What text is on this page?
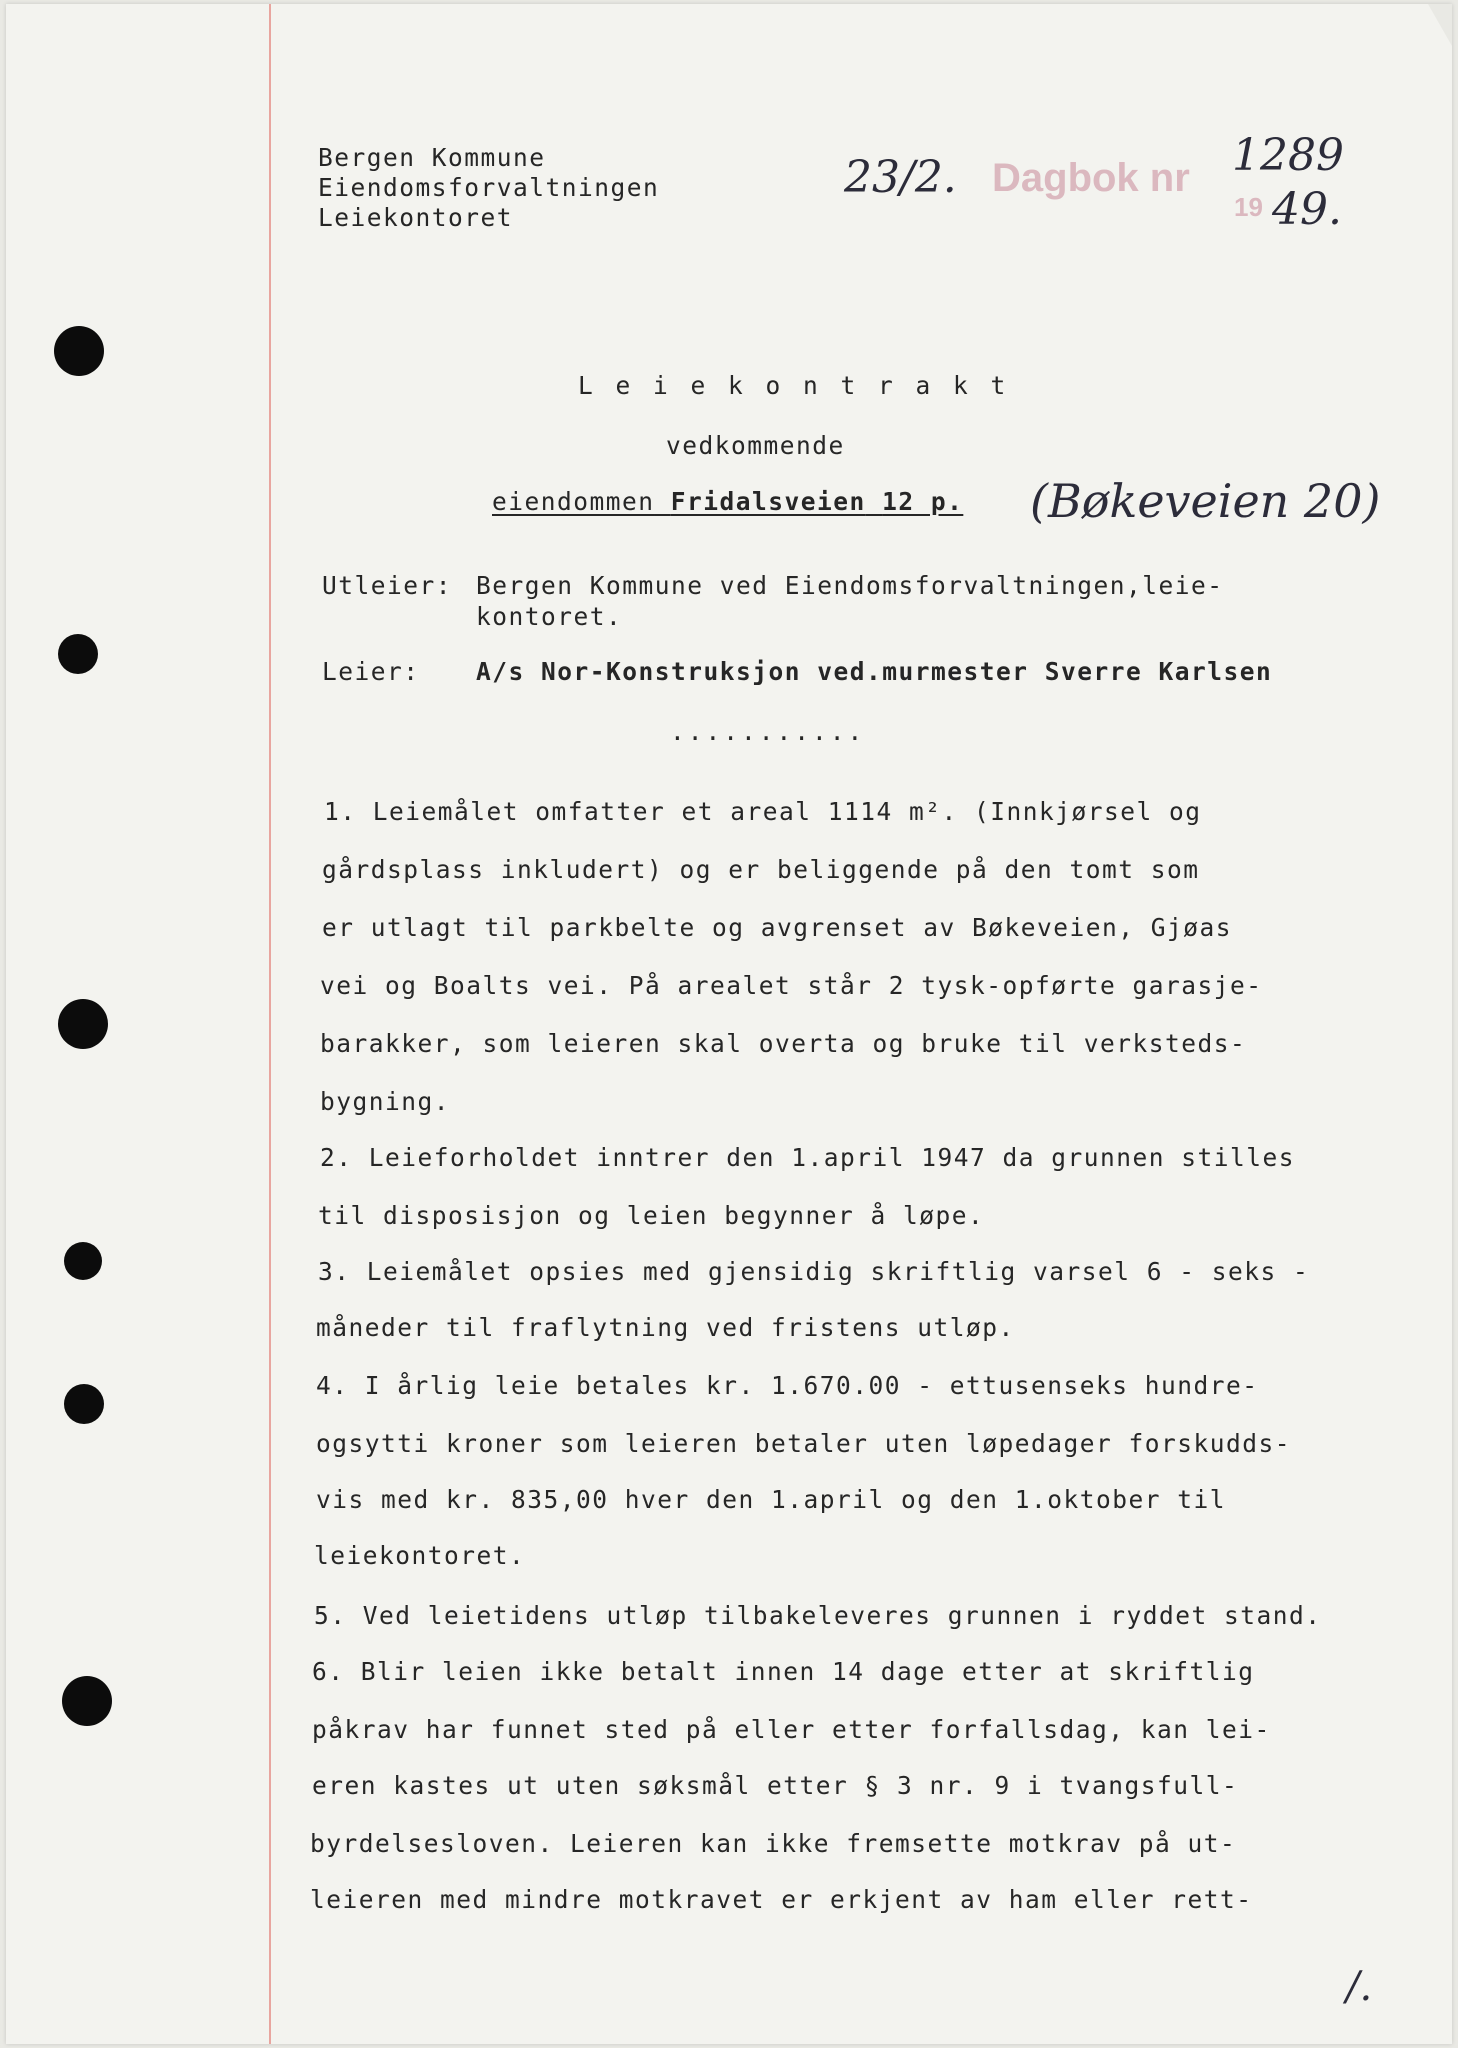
Bergen Kommune

Eiendomsforvaltningen

Leiekontoret

23/2. Dagbok nr 1289
19 49.

L e i e k o n t r a k t

vedkommende

eiendommen Fridalsveien 12 p. (Bøkeveien 20)

Utleier: Bergen Kommune ved Eiendomsforvaltningen,leie-

kontoret.

Leier: A/s Nor-Konstruksjon ved.murmester Sverre Karlsen

...........

1. Leiemålet omfatter et areal 1114 m². (Innkjørsel og

gårdsplass inkludert) og er beliggende på den tomt som

er utlagt til parkbelte og avgrenset av Bøkeveien, Gjøas

vei og Boalts vei. På arealet står 2 tysk-opførte garasje-

barakker, som leieren skal overta og bruke til verksteds-

bygning.

2. Leieforholdet inntrer den 1.april 1947 da grunnen stilles

til disposisjon og leien begynner å løpe.

3. Leiemålet opsies med gjensidig skriftlig varsel 6 - seks -

måneder til fraflytning ved fristens utløp.

4. I årlig leie betales kr. 1.670.00 - ettusenseks hundre-

ogsytti kroner som leieren betaler uten løpedager forskudds-

vis med kr. 835,00 hver den 1.april og den 1.oktober til

leiekontoret.

5. Ved leietidens utløp tilbakeleveres grunnen i ryddet stand.

6. Blir leien ikke betalt innen 14 dage etter at skriftlig

påkrav har funnet sted på eller etter forfallsdag, kan lei-

eren kastes ut uten søksmål etter § 3 nr. 9 i tvangsfull-

byrdelsesloven. Leieren kan ikke fremsette motkrav på ut-

leieren med mindre motkravet er erkjent av ham eller rett-

/.
